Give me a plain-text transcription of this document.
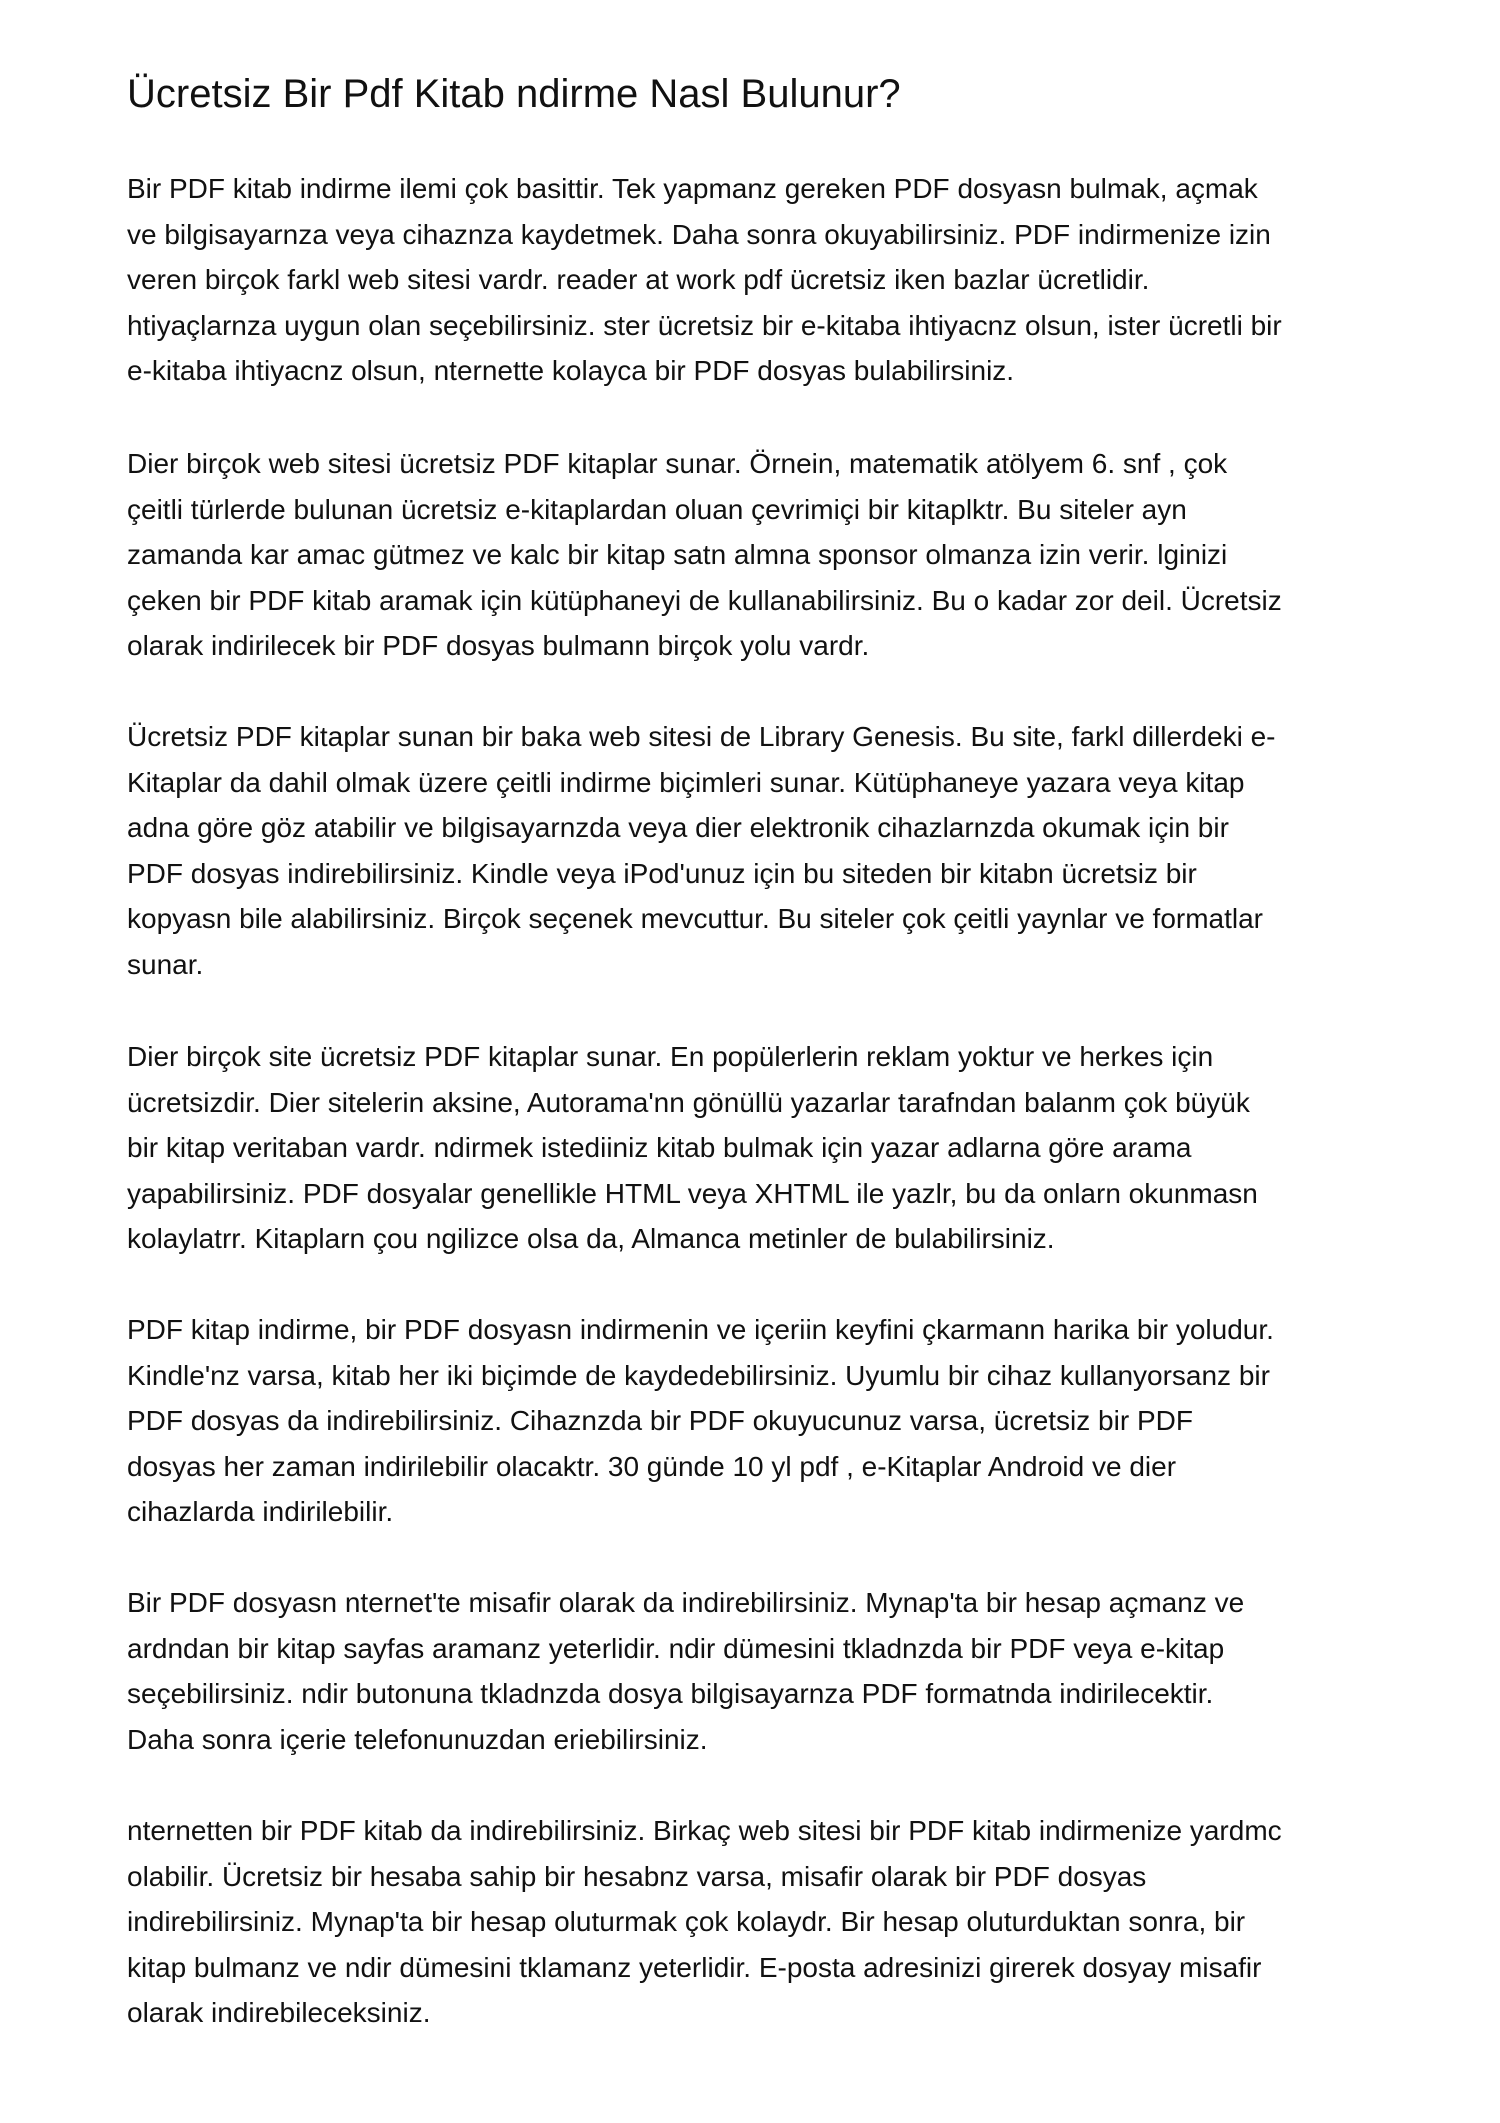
Ücretsiz Bir Pdf Kitab ndirme Nasl Bulunur?

Bir PDF kitab indirme ilemi çok basittir. Tek yapmanz gereken PDF dosyasn bulmak, açmak
ve bilgisayarnza veya cihaznza kaydetmek. Daha sonra okuyabilirsiniz. PDF indirmenize izin
veren birçok farkl web sitesi vardr. reader at work pdf ücretsiz iken bazlar ücretlidir.
htiyaçlarnza uygun olan seçebilirsiniz. ster ücretsiz bir e-kitaba ihtiyacnz olsun, ister ücretli bir
e-kitaba ihtiyacnz olsun, nternette kolayca bir PDF dosyas bulabilirsiniz.

Dier birçok web sitesi ücretsiz PDF kitaplar sunar. Örnein, matematik atölyem 6. snf , çok
çeitli türlerde bulunan ücretsiz e-kitaplardan oluan çevrimiçi bir kitaplktr. Bu siteler ayn
zamanda kar amac gütmez ve kalc bir kitap satn almna sponsor olmanza izin verir. lginizi
çeken bir PDF kitab aramak için kütüphaneyi de kullanabilirsiniz. Bu o kadar zor deil. Ücretsiz
olarak indirilecek bir PDF dosyas bulmann birçok yolu vardr.

Ücretsiz PDF kitaplar sunan bir baka web sitesi de Library Genesis. Bu site, farkl dillerdeki e-
Kitaplar da dahil olmak üzere çeitli indirme biçimleri sunar. Kütüphaneye yazara veya kitap
adna göre göz atabilir ve bilgisayarnzda veya dier elektronik cihazlarnzda okumak için bir
PDF dosyas indirebilirsiniz. Kindle veya iPod'unuz için bu siteden bir kitabn ücretsiz bir
kopyasn bile alabilirsiniz. Birçok seçenek mevcuttur. Bu siteler çok çeitli yaynlar ve formatlar
sunar.

Dier birçok site ücretsiz PDF kitaplar sunar. En popülerlerin reklam yoktur ve herkes için
ücretsizdir. Dier sitelerin aksine, Autorama'nn gönüllü yazarlar tarafndan balanm çok büyük
bir kitap veritaban vardr. ndirmek istediiniz kitab bulmak için yazar adlarna göre arama
yapabilirsiniz. PDF dosyalar genellikle HTML veya XHTML ile yazlr, bu da onlarn okunmasn
kolaylatrr. Kitaplarn çou ngilizce olsa da, Almanca metinler de bulabilirsiniz.

PDF kitap indirme, bir PDF dosyasn indirmenin ve içeriin keyfini çkarmann harika bir yoludur.
Kindle'nz varsa, kitab her iki biçimde de kaydedebilirsiniz. Uyumlu bir cihaz kullanyorsanz bir
PDF dosyas da indirebilirsiniz. Cihaznzda bir PDF okuyucunuz varsa, ücretsiz bir PDF
dosyas her zaman indirilebilir olacaktr. 30 günde 10 yl pdf , e-Kitaplar Android ve dier
cihazlarda indirilebilir.

Bir PDF dosyasn nternet'te misafir olarak da indirebilirsiniz. Mynap'ta bir hesap açmanz ve
ardndan bir kitap sayfas aramanz yeterlidir. ndir dümesini tkladnzda bir PDF veya e-kitap
seçebilirsiniz. ndir butonuna tkladnzda dosya bilgisayarnza PDF formatnda indirilecektir.
Daha sonra içerie telefonunuzdan eriebilirsiniz.

nternetten bir PDF kitab da indirebilirsiniz. Birkaç web sitesi bir PDF kitab indirmenize yardmc
olabilir. Ücretsiz bir hesaba sahip bir hesabnz varsa, misafir olarak bir PDF dosyas
indirebilirsiniz. Mynap'ta bir hesap oluturmak çok kolaydr. Bir hesap oluturduktan sonra, bir
kitap bulmanz ve ndir dümesini tklamanz yeterlidir. E-posta adresinizi girerek dosyay misafir
olarak indirebileceksiniz.
